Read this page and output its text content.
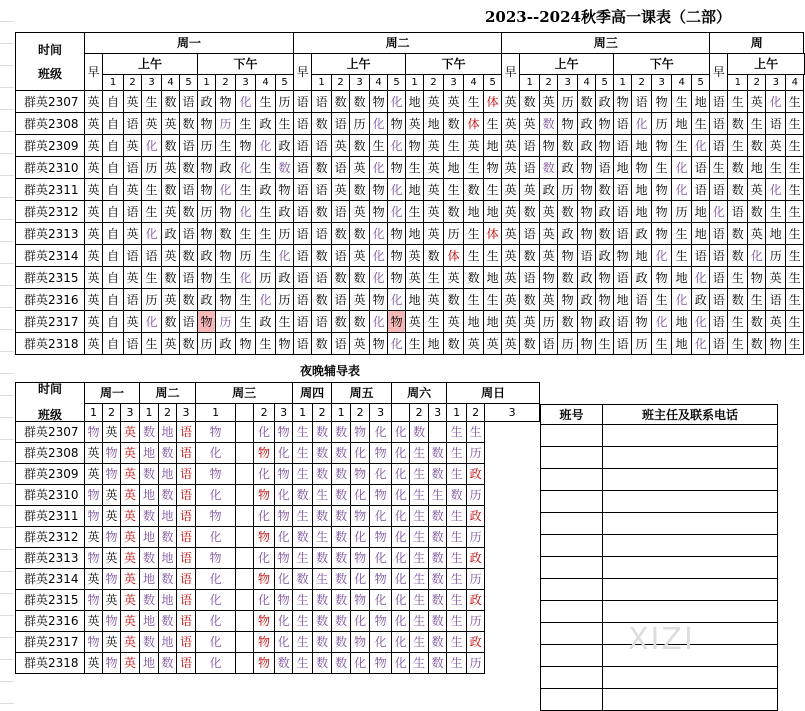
2023--2024秋季高一课表（二部）
时间
班级	周一											周二											周三											周				
	早	上午					下午					早	上午					下午					早	上午					下午					早	上午			
		1	2	3	4	5	1	2	3	4	5		1	2	3	4	5	1	2	3	4	5		1	2	3	4	5	1	2	3	4	5		1	2	3	4
群英2307	英	自	英	生	数	语	政	物	化	生	历	语	语	数	数	物	化	地	英	英	生	体	英	数	英	历	数	政	物	语	物	生	地	语	生	英	化	生
群英2308	英	自	语	英	英	数	物	历	生	政	生	语	数	语	历	化	物	英	地	数	体	生	英	英	数	物	政	物	语	化	历	地	生	语	数	生	语	生
群英2309	英	自	英	化	数	语	历	生	物	化	政	语	语	英	数	生	化	物	英	生	英	地	英	语	物	数	政	物	语	地	物	生	化	语	生	数	英	生
群英2310	英	自	语	历	英	数	物	政	化	生	数	语	数	语	英	化	物	生	英	地	生	物	英	语	数	政	物	语	地	物	生	化	语	生	数	地	生	生
群英2311	英	自	英	生	数	语	物	化	生	政	物	语	语	英	数	物	化	地	英	生	数	生	英	英	政	历	物	数	语	地	物	化	语	语	数	英	化	生
群英2312	英	自	语	生	英	数	历	物	化	生	政	语	数	语	英	物	化	生	英	数	地	地	英	数	英	数	物	政	语	地	物	历	地	化	语	数	生	生
群英2313	英	自	英	化	政	语	物	数	生	生	历	语	语	数	数	化	物	地	英	历	生	体	英	语	英	政	物	数	语	政	物	生	地	语	数	英	地	生
群英2314	英	自	语	语	英	数	政	物	历	生	化	语	数	语	英	化	物	英	数	体	生	生	英	数	英	物	语	政	物	地	化	生	语	语	数	化	历	生
群英2315	英	自	英	生	数	语	物	生	化	历	政	语	语	数	数	化	物	英	生	英	数	地	英	语	物	数	政	物	语	政	物	地	化	语	生	物	英	生
群英2316	英	自	语	历	英	数	政	物	生	化	历	语	数	语	英	物	化	地	英	数	生	生	英	数	英	物	政	物	地	语	生	化	政	语	数	生	语	生
群英2317	英	自	英	化	数	语	物	历	生	政	生	语	语	数	数	化	物	英	生	英	地	地	英	英	历	数	物	政	语	物	化	地	化	语	生	数	英	生
群英2318	英	自	语	生	英	数	历	政	物	生	物	语	数	语	英	物	化	生	地	数	英	英	英	数	语	历	物	生	语	历	生	地	化	语	生	数	物	生
夜晚辅导表
时间
班级	周一			周二			周三				周四		周五			周六			周日		
	1	2	3	1	2	3	1		2	3	1	2	1	2	3		2	3	1	2	3
群英2307	物	英	英	数	地	语	物		化	物	生	数	数	物	化	化	数		生	生	
群英2308	英	物	英	地	数	语	化		物	化	生	数	数	化	物	化	生	数	生	历	
群英2309	英	物	英	数	地	语	物		化	物	生	数	数	物	化	化	生	数	生	政	
群英2310	物	英	英	地	数	语	化		物	化	数	生	数	化	物	化	生	生	数	历	
群英2311	物	英	英	数	地	语	物		化	物	生	数	数	物	化	化	生	数	生	政	
群英2312	英	物	英	地	数	语	化		物	化	数	生	数	化	物	化	生	数	生	历	
群英2313	物	英	英	数	地	语	物		化	物	生	数	数	物	化	化	生	数	生	政	
群英2314	英	物	英	地	数	语	化		物	化	数	生	数	化	物	化	生	数	生	历	
群英2315	物	英	英	数	地	语	化		化	物	生	数	数	物	化	化	生	数	生	政	
群英2316	英	物	英	地	数	语	化		物	化	生	数	数	化	物	化	生	数	生	历	
群英2317	物	英	英	数	地	语	化		物	化	生	数	数	物	化	化	生	数	生	政	
群英2318	英	物	英	地	数	语	化		物	数	生	数	数	化	物	化	生	数	生	历	
班号	班主任及联系电话

XIZI
